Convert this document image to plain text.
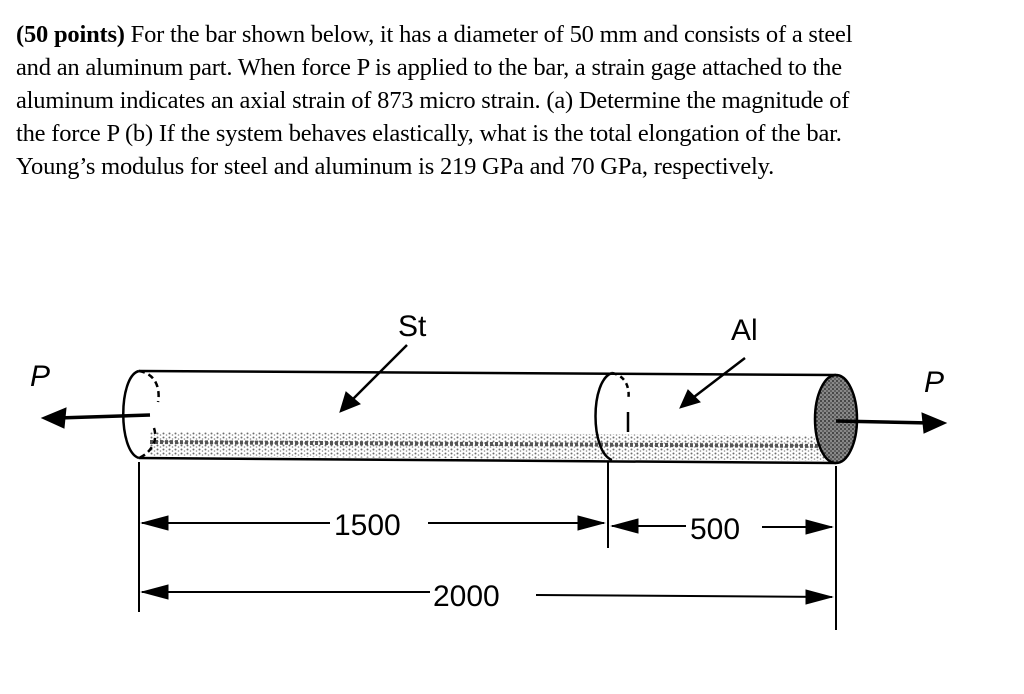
(50 points) For the bar shown below, it has a diameter of 50 mm and consists of a steel
and an aluminum part. When force P is applied to the bar, a strain gage attached to the
aluminum indicates an axial strain of 873 micro strain. (a) Determine the magnitude of
the force P (b) If the system behaves elastically, what is the total elongation of the bar.
Young’s modulus for steel and aluminum is 219 GPa and 70 GPa, respectively.
St	Al
P	P
1500	500
2000
